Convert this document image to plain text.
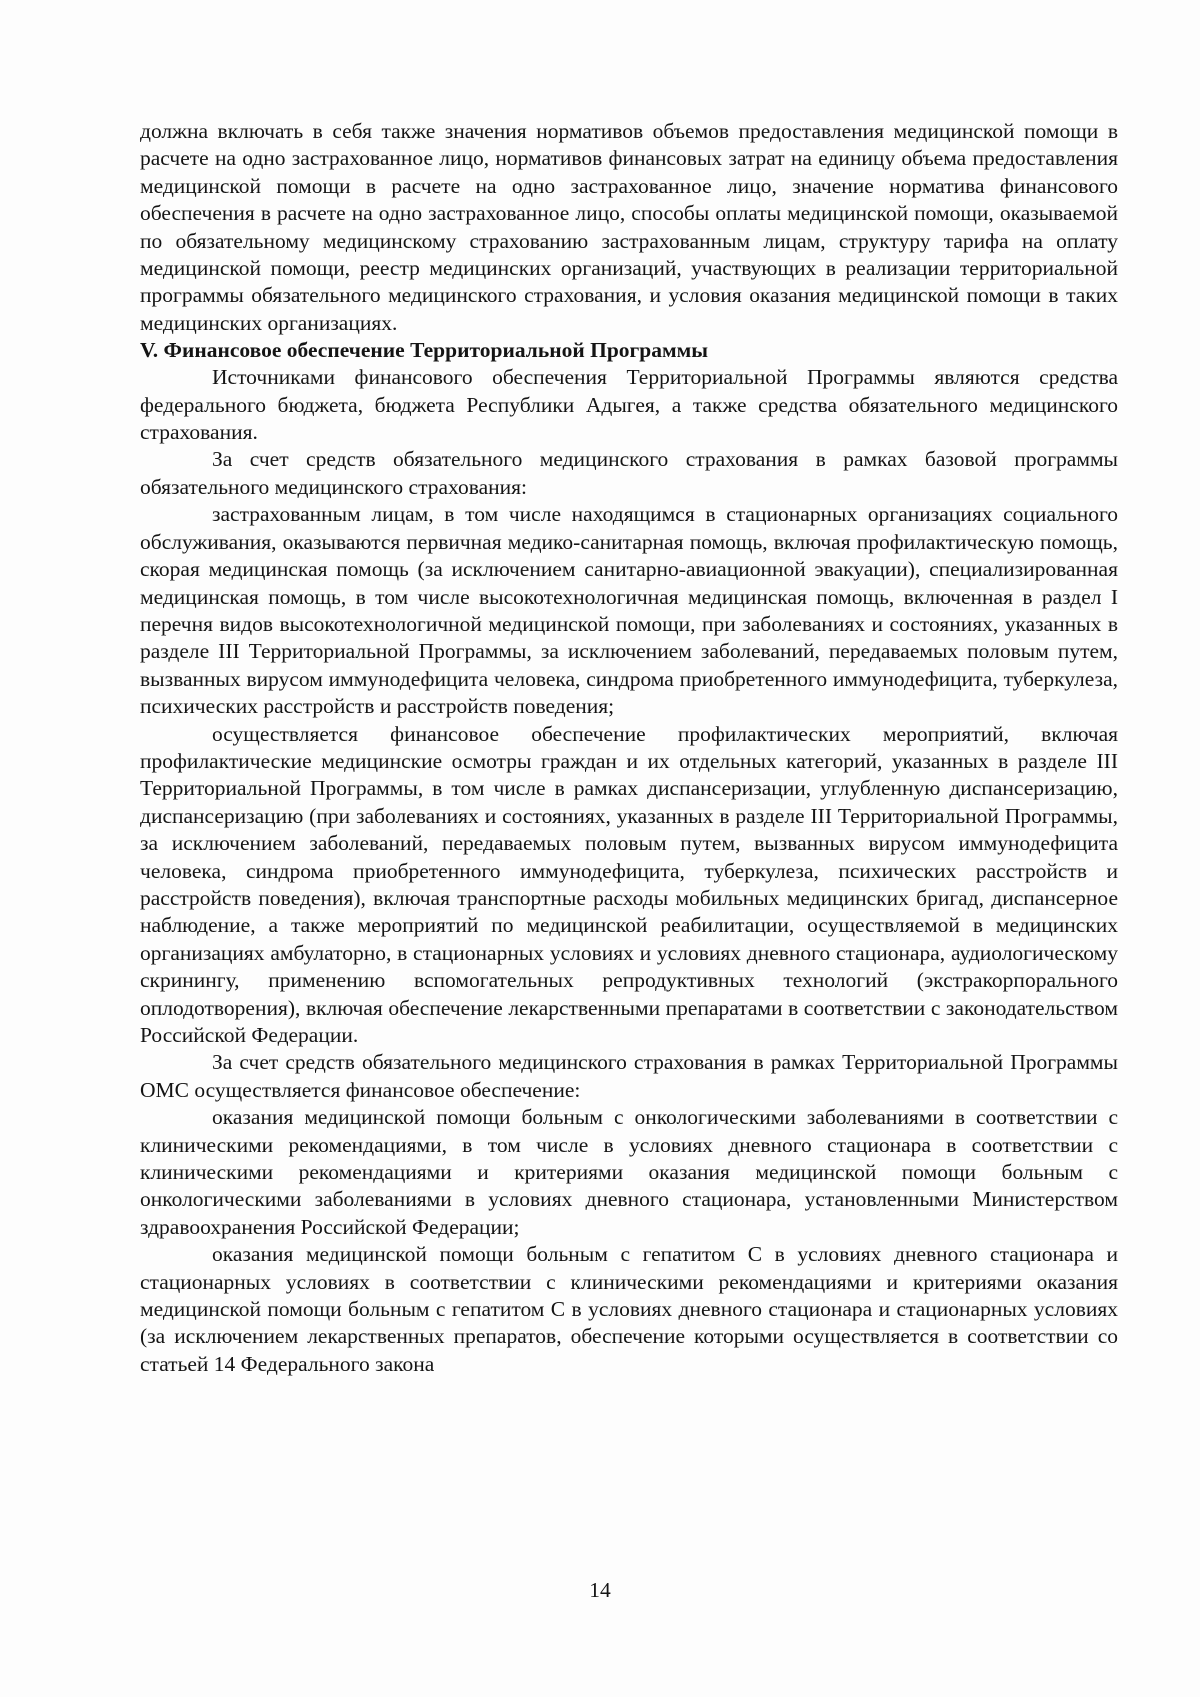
должна включать в себя также значения нормативов объемов предоставления медицинской помощи в расчете на одно застрахованное лицо, нормативов финансовых затрат на единицу объема предоставления медицинской помощи в расчете на одно застрахованное лицо, значение норматива финансового обеспечения в расчете на одно застрахованное лицо, способы оплаты медицинской помощи, оказываемой по обязательному медицинскому страхованию застрахованным лицам, структуру тарифа на оплату медицинской помощи, реестр медицинских организаций, участвующих в реализации территориальной программы обязательного медицинского страхования, и условия оказания медицинской помощи в таких медицинских организациях.

V. Финансовое обеспечение Территориальной Программы

Источниками финансового обеспечения Территориальной Программы являются средства федерального бюджета, бюджета Республики Адыгея, а также средства обязательного медицинского страхования.

За счет средств обязательного медицинского страхования в рамках базовой программы обязательного медицинского страхования:

застрахованным лицам, в том числе находящимся в стационарных организациях социального обслуживания, оказываются первичная медико-санитарная помощь, включая профилактическую помощь, скорая медицинская помощь (за исключением санитарно-авиационной эвакуации), специализированная медицинская помощь, в том числе высокотехнологичная медицинская помощь, включенная в раздел I перечня видов высокотехнологичной медицинской помощи, при заболеваниях и состояниях, указанных в разделе III Территориальной Программы, за исключением заболеваний, передаваемых половым путем, вызванных вирусом иммунодефицита человека, синдрома приобретенного иммунодефицита, туберкулеза, психических расстройств и расстройств поведения;

осуществляется финансовое обеспечение профилактических мероприятий, включая профилактические медицинские осмотры граждан и их отдельных категорий, указанных в разделе III Территориальной Программы, в том числе в рамках диспансеризации, углубленную диспансеризацию, диспансеризацию (при заболеваниях и состояниях, указанных в разделе III Территориальной Программы, за исключением заболеваний, передаваемых половым путем, вызванных вирусом иммунодефицита человека, синдрома приобретенного иммунодефицита, туберкулеза, психических расстройств и расстройств поведения), включая транспортные расходы мобильных медицинских бригад, диспансерное наблюдение, а также мероприятий по медицинской реабилитации, осуществляемой в медицинских организациях амбулаторно, в стационарных условиях и условиях дневного стационара, аудиологическому скринингу, применению вспомогательных репродуктивных технологий (экстракорпорального оплодотворения), включая обеспечение лекарственными препаратами в соответствии с законодательством Российской Федерации.

За счет средств обязательного медицинского страхования в рамках Территориальной Программы ОМС осуществляется финансовое обеспечение:

оказания медицинской помощи больным с онкологическими заболеваниями в соответствии с клиническими рекомендациями, в том числе в условиях дневного стационара в соответствии с клиническими рекомендациями и критериями оказания медицинской помощи больным с онкологическими заболеваниями в условиях дневного стационара, установленными Министерством здравоохранения Российской Федерации;

оказания медицинской помощи больным с гепатитом С в условиях дневного стационара и стационарных условиях в соответствии с клиническими рекомендациями и критериями оказания медицинской помощи больным с гепатитом С в условиях дневного стационара и стационарных условиях (за исключением лекарственных препаратов, обеспечение которыми осуществляется в соответствии со статьей 14 Федерального закона

14
